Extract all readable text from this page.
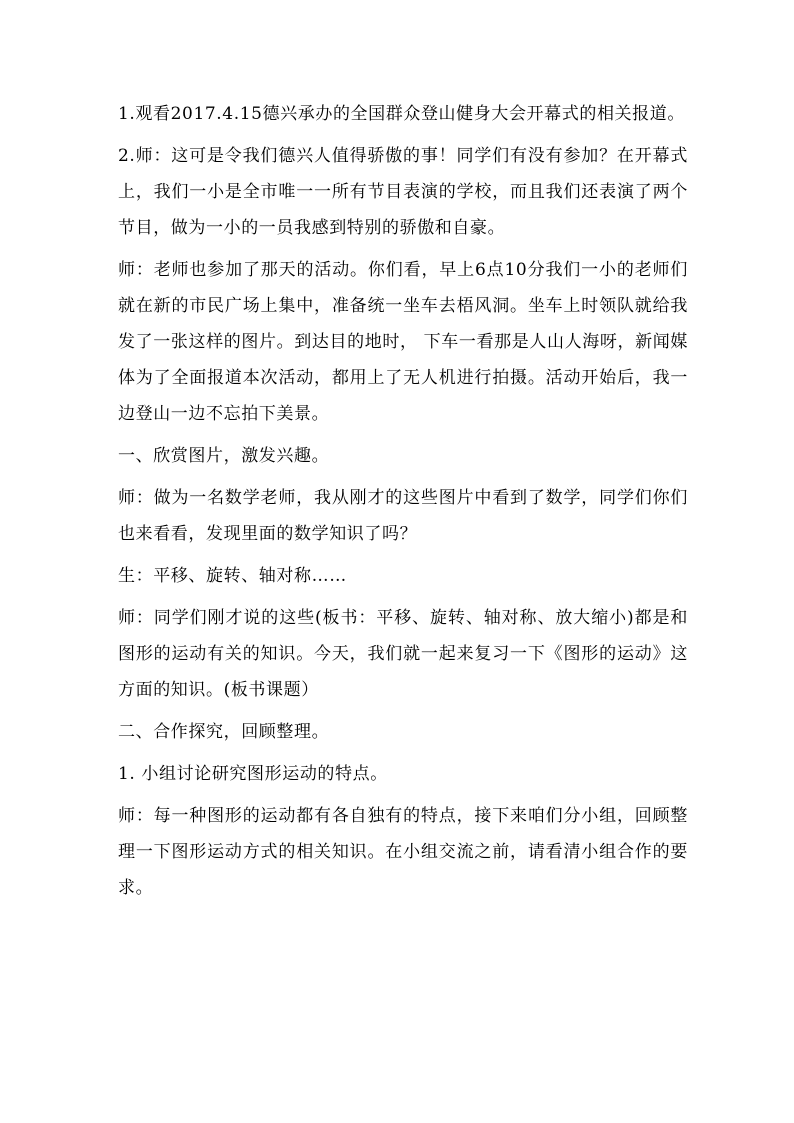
1.观看2017.4.15德兴承办的全国群众登山健身大会开幕式的相关报道。

2.师：这可是令我们德兴人值得骄傲的事！同学们有没有参加？在开幕式上，我们一小是全市唯一一所有节目表演的学校，而且我们还表演了两个节目，做为一小的一员我感到特别的骄傲和自豪。

师：老师也参加了那天的活动。你们看，早上6点10分我们一小的老师们就在新的市民广场上集中，准备统一坐车去梧风洞。坐车上时领队就给我发了一张这样的图片。到达目的地时， 下车一看那是人山人海呀，新闻媒体为了全面报道本次活动，都用上了无人机进行拍摄。活动开始后，我一边登山一边不忘拍下美景。

一、欣赏图片，激发兴趣。

师：做为一名数学老师，我从刚才的这些图片中看到了数学，同学们你们也来看看，发现里面的数学知识了吗？

生：平移、旋转、轴对称……

师：同学们刚才说的这些(板书：平移、旋转、轴对称、放大缩小)都是和图形的运动有关的知识。今天，我们就一起来复习一下《图形的运动》这方面的知识。(板书课题）

二、合作探究，回顾整理。

1. 小组讨论研究图形运动的特点。

师：每一种图形的运动都有各自独有的特点，接下来咱们分小组，回顾整理一下图形运动方式的相关知识。在小组交流之前，请看清小组合作的要求。
